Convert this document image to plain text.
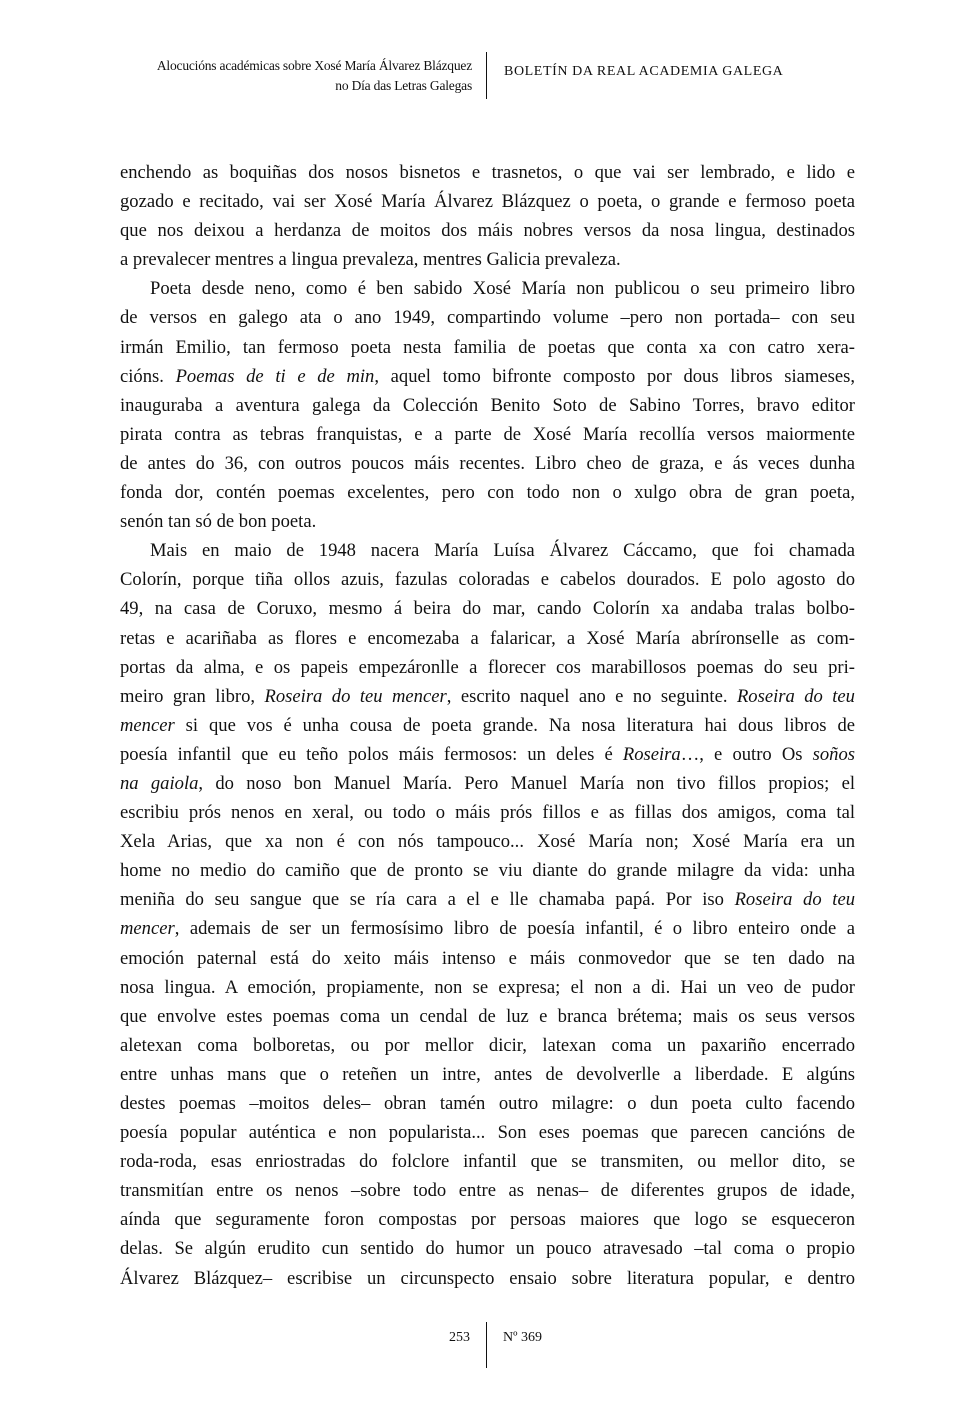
Alocucións académicas sobre Xosé María Álvarez Blázquez
no Día das Letras Galegas
BOLETÍN DA REAL ACADEMIA GALEGA
enchendo as boquiñas dos nosos bisnetos e trasnetos, o que vai ser lembrado, e lido e
gozado e recitado, vai ser Xosé María Álvarez Blázquez o poeta, o grande e fermoso poeta
que nos deixou a herdanza de moitos dos máis nobres versos da nosa lingua, destinados
a prevalecer mentres a lingua prevaleza, mentres Galicia prevaleza.
Poeta desde neno, como é ben sabido Xosé María non publicou o seu primeiro libro
de versos en galego ata o ano 1949, compartindo volume –pero non portada– con seu
irmán Emilio, tan fermoso poeta nesta familia de poetas que conta xa con catro xera-
cións. Poemas de ti e de min, aquel tomo bifronte composto por dous libros siameses,
inauguraba a aventura galega da Colección Benito Soto de Sabino Torres, bravo editor
pirata contra as tebras franquistas, e a parte de Xosé María recollía versos maiormente
de antes do 36, con outros poucos máis recentes. Libro cheo de graza, e ás veces dunha
fonda dor, contén poemas excelentes, pero con todo non o xulgo obra de gran poeta,
senón tan só de bon poeta.
Mais en maio de 1948 nacera María Luísa Álvarez Cáccamo, que foi chamada
Colorín, porque tiña ollos azuis, fazulas coloradas e cabelos dourados. E polo agosto do
49, na casa de Coruxo, mesmo á beira do mar, cando Colorín xa andaba tralas bolbo-
retas e acariñaba as flores e encomezaba a falaricar, a Xosé María abríronselle as com-
portas da alma, e os papeis empezáronlle a florecer cos marabillosos poemas do seu pri-
meiro gran libro, Roseira do teu mencer, escrito naquel ano e no seguinte. Roseira do teu
mencer si que vos é unha cousa de poeta grande. Na nosa literatura hai dous libros de
poesía infantil que eu teño polos máis fermosos: un deles é Roseira…, e outro Os soños
na gaiola, do noso bon Manuel María. Pero Manuel María non tivo fillos propios; el
escribiu prós nenos en xeral, ou todo o máis prós fillos e as fillas dos amigos, coma tal
Xela Arias, que xa non é con nós tampouco... Xosé María non; Xosé María era un
home no medio do camiño que de pronto se viu diante do grande milagre da vida: unha
meniña do seu sangue que se ría cara a el e lle chamaba papá. Por iso Roseira do teu
mencer, ademais de ser un fermosísimo libro de poesía infantil, é o libro enteiro onde a
emoción paternal está do xeito máis intenso e máis conmovedor que se ten dado na
nosa lingua. A emoción, propiamente, non se expresa; el non a di. Hai un veo de pudor
que envolve estes poemas coma un cendal de luz e branca brétema; mais os seus versos
aletexan coma bolboretas, ou por mellor dicir, latexan coma un paxariño encerrado
entre unhas mans que o reteñen un intre, antes de devolverlle a liberdade. E algúns
destes poemas –moitos deles– obran tamén outro milagre: o dun poeta culto facendo
poesía popular auténtica e non popularista... Son eses poemas que parecen cancións de
roda-roda, esas enriostradas do folclore infantil que se transmiten, ou mellor dito, se
transmitían entre os nenos –sobre todo entre as nenas– de diferentes grupos de idade,
aínda que seguramente foron compostas por persoas maiores que logo se esqueceron
delas. Se algún erudito cun sentido do humor un pouco atravesado –tal coma o propio
Álvarez Blázquez– escribise un circunspecto ensaio sobre literatura popular, e dentro
253 Nº 369
